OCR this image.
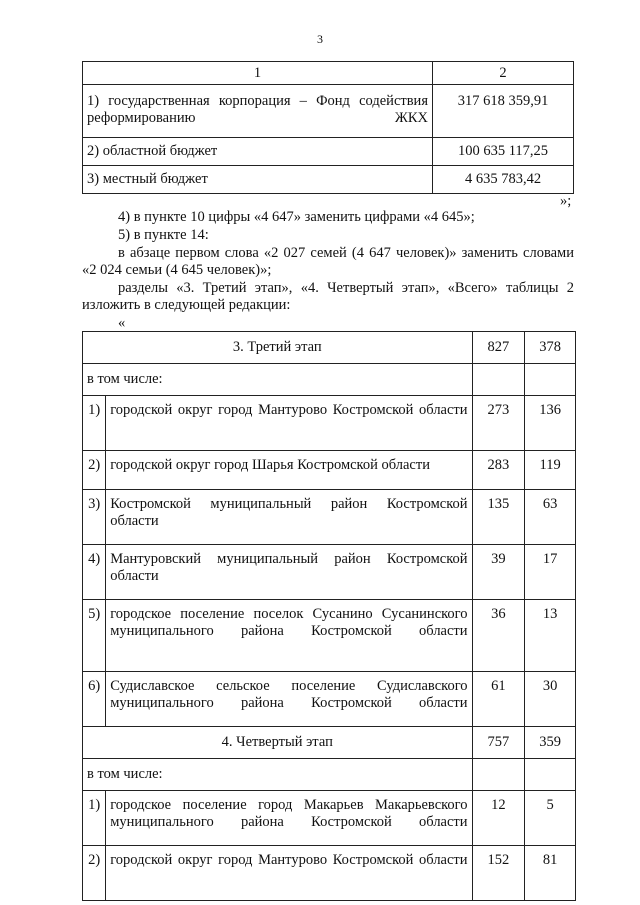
3
1	2
1) государственная корпорация – Фонд содействия реформированию ЖКХ	317 618 359,91
2) областной бюджет	100 635 117,25
3) местный бюджет	4 635 783,42
»;
4) в пункте 10 цифры «4 647» заменить цифрами «4 645»;
5) в пункте 14:
в абзаце первом слова «2 027 семей (4 647 человек)» заменить словами «2 024 семьи (4 645 человек)»;
разделы «3. Третий этап», «4. Четвертый этап», «Всего» таблицы 2 изложить в следующей редакции:
«
3. Третий этап		827	378
в том числе:			
1)	городской округ город Мантурово Костромской области	273	136
2)	городской округ город Шарья Костромской области	283	119
3)	Костромской муниципальный район Костромской области	135	63
4)	Мантуровский муниципальный район Костромской области	39	17
5)	городское поселение поселок Сусанино Сусанинского муниципального района Костромской области	36	13
6)	Судиславское сельское поселение Судиславского муниципального района Костромской области	61	30
4. Четвертый этап		757	359
в том числе:			
1)	городское поселение город Макарьев Макарьевского муниципального района Костромской области	12	5
2)	городской округ город Мантурово Костромской области	152	81
